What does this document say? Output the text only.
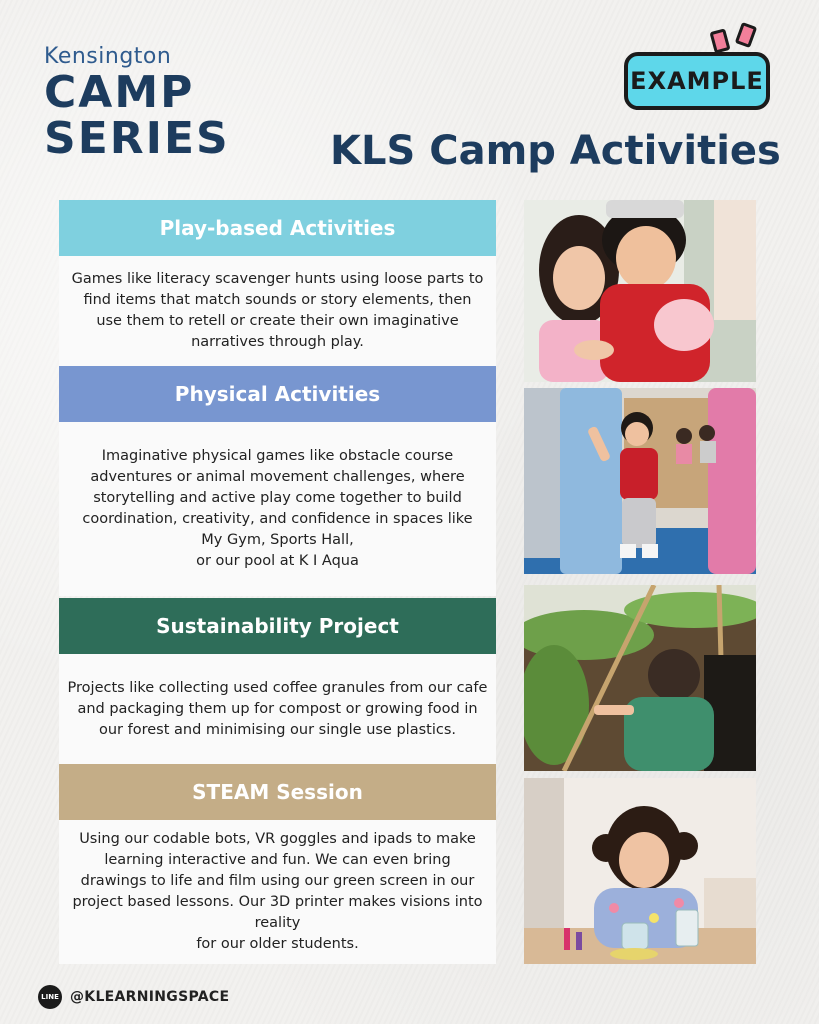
Kensington
CAMP
SERIES
EXAMPLE
KLS Camp Activities
Play-based Activities
Games like literacy scavenger hunts using loose parts to find items that match sounds or story elements, then use them to retell or create their own imaginative narratives through play.
Physical Activities
Imaginative physical games like obstacle course adventures or animal movement challenges, where storytelling and active play come together to build coordination, creativity, and confidence in spaces like My Gym, Sports Hall,
or our pool at K I Aqua
Sustainability Project
Projects like collecting used coffee granules from our cafe and packaging them up for compost or growing food in our forest and minimising our single use plastics.
STEAM Session
Using our codable bots, VR goggles and ipads to make learning interactive and fun. We can even bring drawings to life and film using our green screen in our project based lessons. Our 3D printer makes visions into reality
for our older students.
LINE @KLEARNINGSPACE
